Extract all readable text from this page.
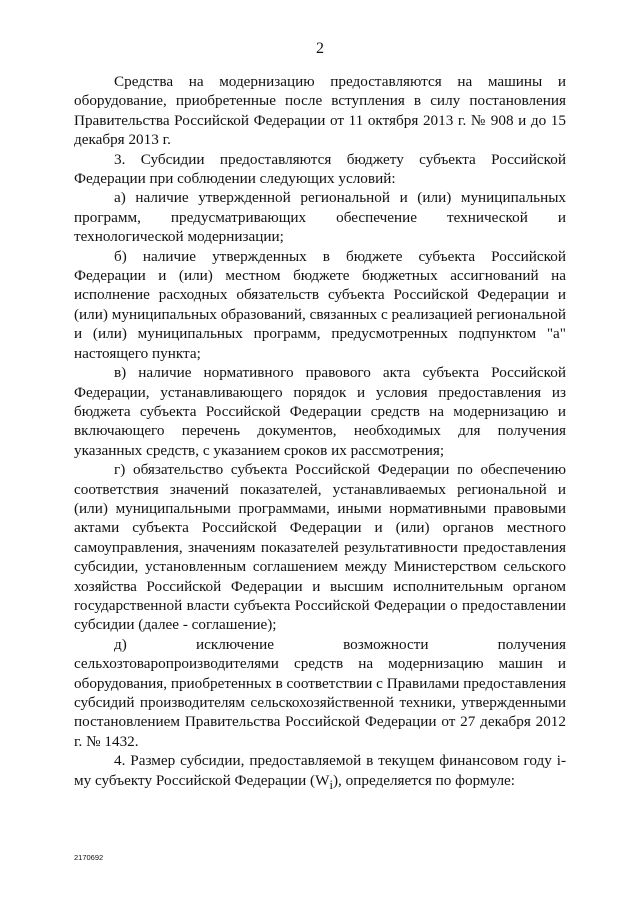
2

Средства на модернизацию предоставляются на машины и оборудование, приобретенные после вступления в силу постановления Правительства Российской Федерации от 11 октября 2013 г. № 908 и до 15 декабря 2013 г.

3. Субсидии предоставляются бюджету субъекта Российской Федерации при соблюдении следующих условий:

а) наличие утвержденной региональной и (или) муниципальных программ, предусматривающих обеспечение технической и технологической модернизации;

б) наличие утвержденных в бюджете субъекта Российской Федерации и (или) местном бюджете бюджетных ассигнований на исполнение расходных обязательств субъекта Российской Федерации и (или) муниципальных образований, связанных с реализацией региональной и (или) муниципальных программ, предусмотренных подпунктом "а" настоящего пункта;

в) наличие нормативного правового акта субъекта Российской Федерации, устанавливающего порядок и условия предоставления из бюджета субъекта Российской Федерации средств на модернизацию и включающего перечень документов, необходимых для получения указанных средств, с указанием сроков их рассмотрения;

г) обязательство субъекта Российской Федерации по обеспечению соответствия значений показателей, устанавливаемых региональной и (или) муниципальными программами, иными нормативными правовыми актами субъекта Российской Федерации и (или) органов местного самоуправления, значениям показателей результативности предоставления субсидии, установленным соглашением между Министерством сельского хозяйства Российской Федерации и высшим исполнительным органом государственной власти субъекта Российской Федерации о предоставлении субсидии (далее - соглашение);

д) исключение возможности получения сельхозтоваропроизводителями средств на модернизацию машин и оборудования, приобретенных в соответствии с Правилами предоставления субсидий производителям сельскохозяйственной техники, утвержденными постановлением Правительства Российской Федерации от 27 декабря 2012 г. № 1432.

4. Размер субсидии, предоставляемой в текущем финансовом году i-му субъекту Российской Федерации $(W_i)$, определяется по формуле:

2170692
